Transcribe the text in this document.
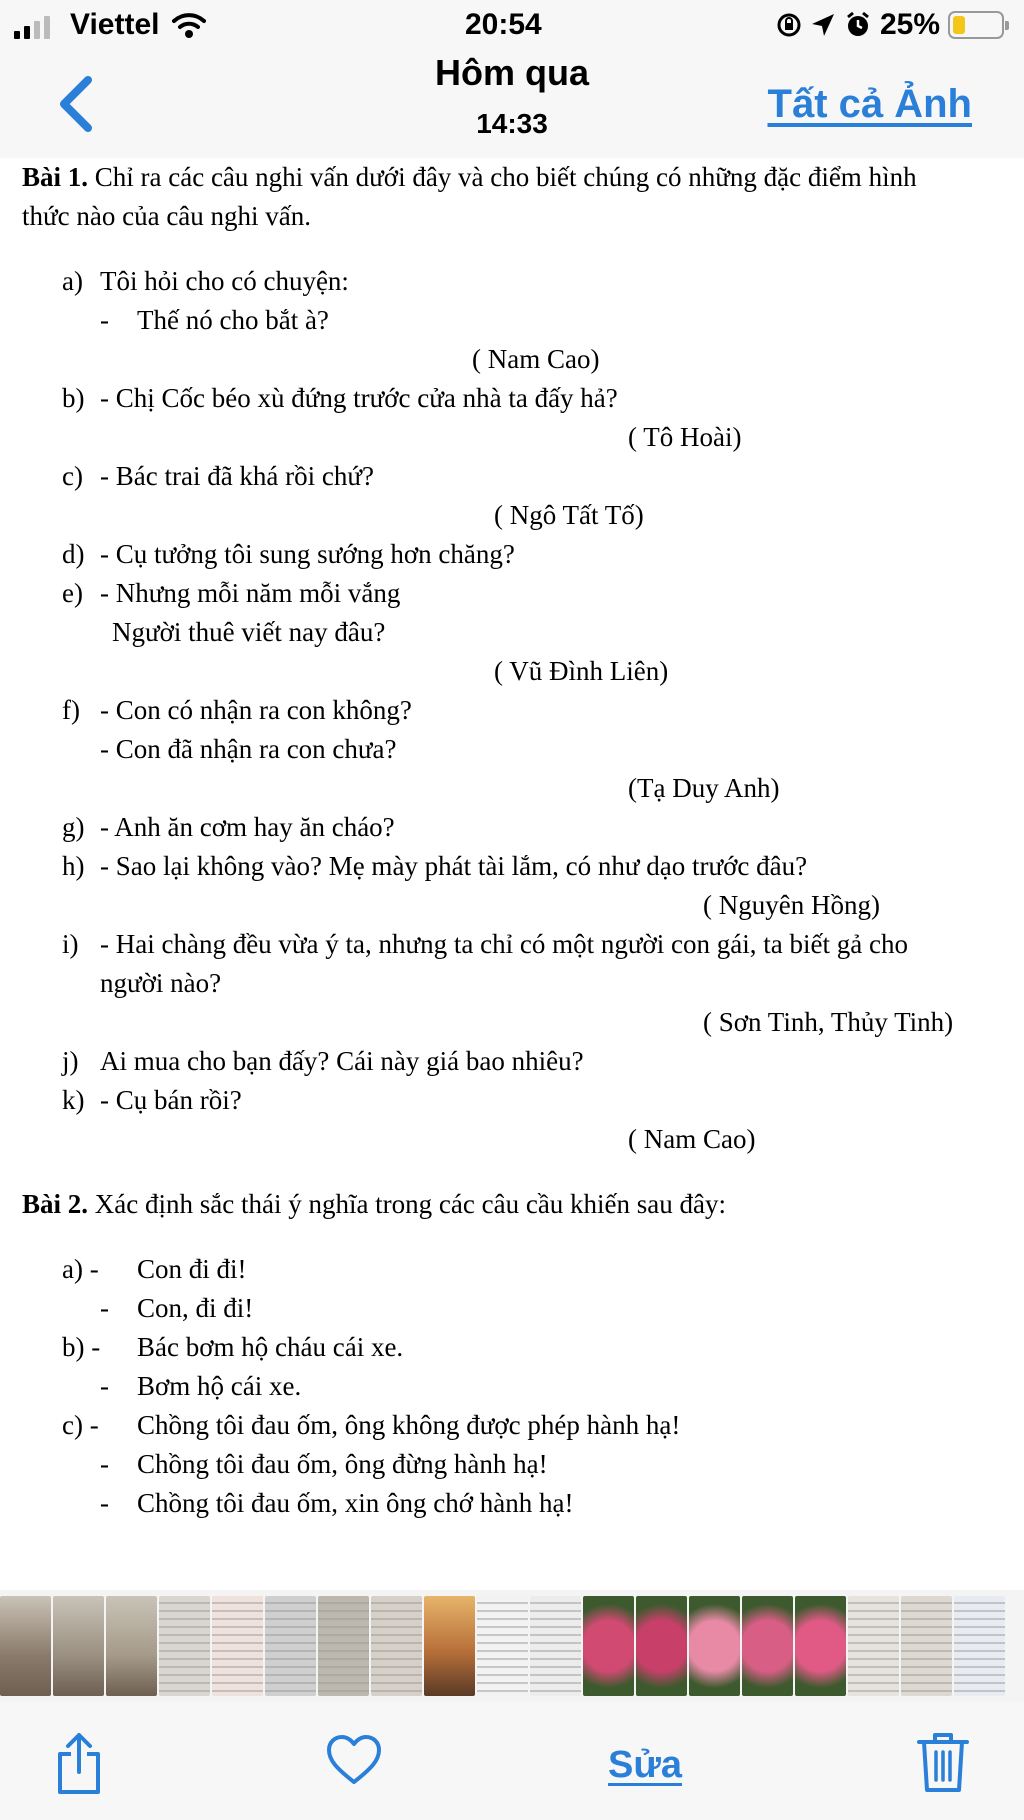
Viettel	20:54	25%
Hôm qua
14:33	Tất cả Ảnh

Bài 1. Chỉ ra các câu nghi vấn dưới đây và cho biết chúng có những đặc điểm hình

thức nào của câu nghi vấn.

a) Tôi hỏi cho có chuyện:

- Thế nó cho bắt à?

( Nam Cao)

b) - Chị Cốc béo xù đứng trước cửa nhà ta đấy hả?

( Tô Hoài)

c) - Bác trai đã khá rồi chứ?

( Ngô Tất Tố)

d) - Cụ tưởng tôi sung sướng hơn chăng?

e) - Nhưng mỗi năm mỗi vắng

Người thuê viết nay đâu?

( Vũ Đình Liên)

f) - Con có nhận ra con không?

- Con đã nhận ra con chưa?

(Tạ Duy Anh)

g) - Anh ăn cơm hay ăn cháo?

h) - Sao lại không vào? Mẹ mày phát tài lắm, có như dạo trước đâu?

( Nguyên Hồng)

i) - Hai chàng đều vừa ý ta, nhưng ta chỉ có một người con gái, ta biết gả cho

người nào?

( Sơn Tinh, Thủy Tinh)

j) Ai mua cho bạn đấy? Cái này giá bao nhiêu?

k) - Cụ bán rồi?

( Nam Cao)

Bài 2. Xác định sắc thái ý nghĩa trong các câu cầu khiến sau đây:

a) - Con đi đi!

- Con, đi đi!

b) - Bác bơm hộ cháu cái xe.

- Bơm hộ cái xe.

c) - Chồng tôi đau ốm, ông không được phép hành hạ!

- Chồng tôi đau ốm, ông đừng hành hạ!

- Chồng tôi đau ốm, xin ông chớ hành hạ!

Sửa
